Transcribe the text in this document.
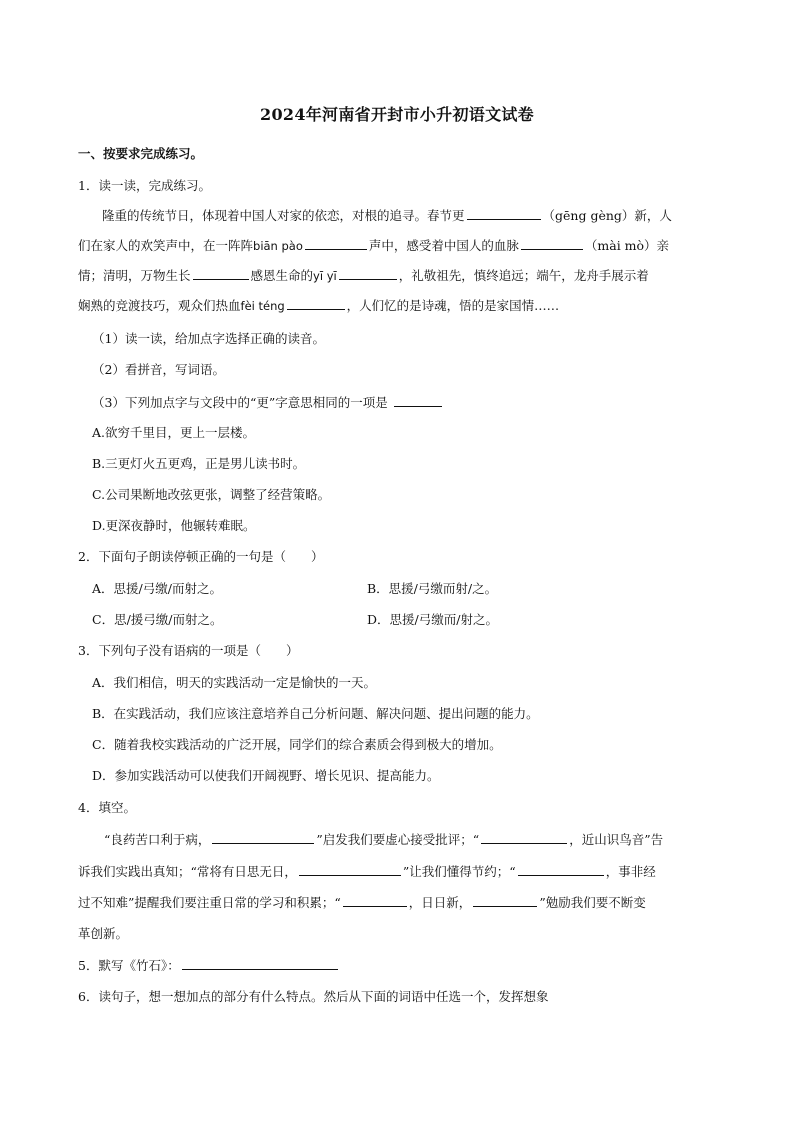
2024年河南省开封市小升初语文试卷
一、按要求完成练习。
1．读一读，完成练习。
隆重的传统节日，体现着中国人对家的依恋，对根的追寻。春节更	（gēng gèng）新，人
们在家人的欢笑声中，在一阵阵biān pào	声中，感受着中国人的血脉	（mài mò）亲
情；清明，万物生长	感恩生命的yī yī	，礼敬祖先，慎终追远；端午，龙舟手展示着
娴熟的竞渡技巧，观众们热血fèi téng	，人们忆的是诗魂，悟的是家国情……
（1）读一读，给加点字选择正确的读音。
（2）看拼音，写词语。
（3）下列加点字与文段中的“更”字意思相同的一项是
A.欲穷千里目，更上一层楼。
B.三更灯火五更鸡，正是男儿读书时。
C.公司果断地改弦更张，调整了经营策略。
D.更深夜静时，他辗转难眠。
2．下面句子朗读停顿正确的一句是（　　）
A．思援/弓缴/而射之。	B．思援/弓缴而射/之。
C．思/援弓缴/而射之。	D．思援/弓缴而/射之。
3．下列句子没有语病的一项是（　　）
A．我们相信，明天的实践活动一定是愉快的一天。
B．在实践活动，我们应该注意培养自己分析问题、解决问题、提出问题的能力。
C．随着我校实践活动的广泛开展，同学们的综合素质会得到极大的增加。
D．参加实践活动可以使我们开阔视野、增长见识、提高能力。
4．填空。
“良药苦口利于病，	”启发我们要虚心接受批评；“	，近山识鸟音”告
诉我们实践出真知；“常将有日思无日，	”让我们懂得节约；“	，事非经
过不知难”提醒我们要注重日常的学习和积累；“	，日日新，	”勉励我们要不断变
革创新。
5．默写《竹石》：
6．读句子，想一想加点的部分有什么特点。然后从下面的词语中任选一个，发挥想象
